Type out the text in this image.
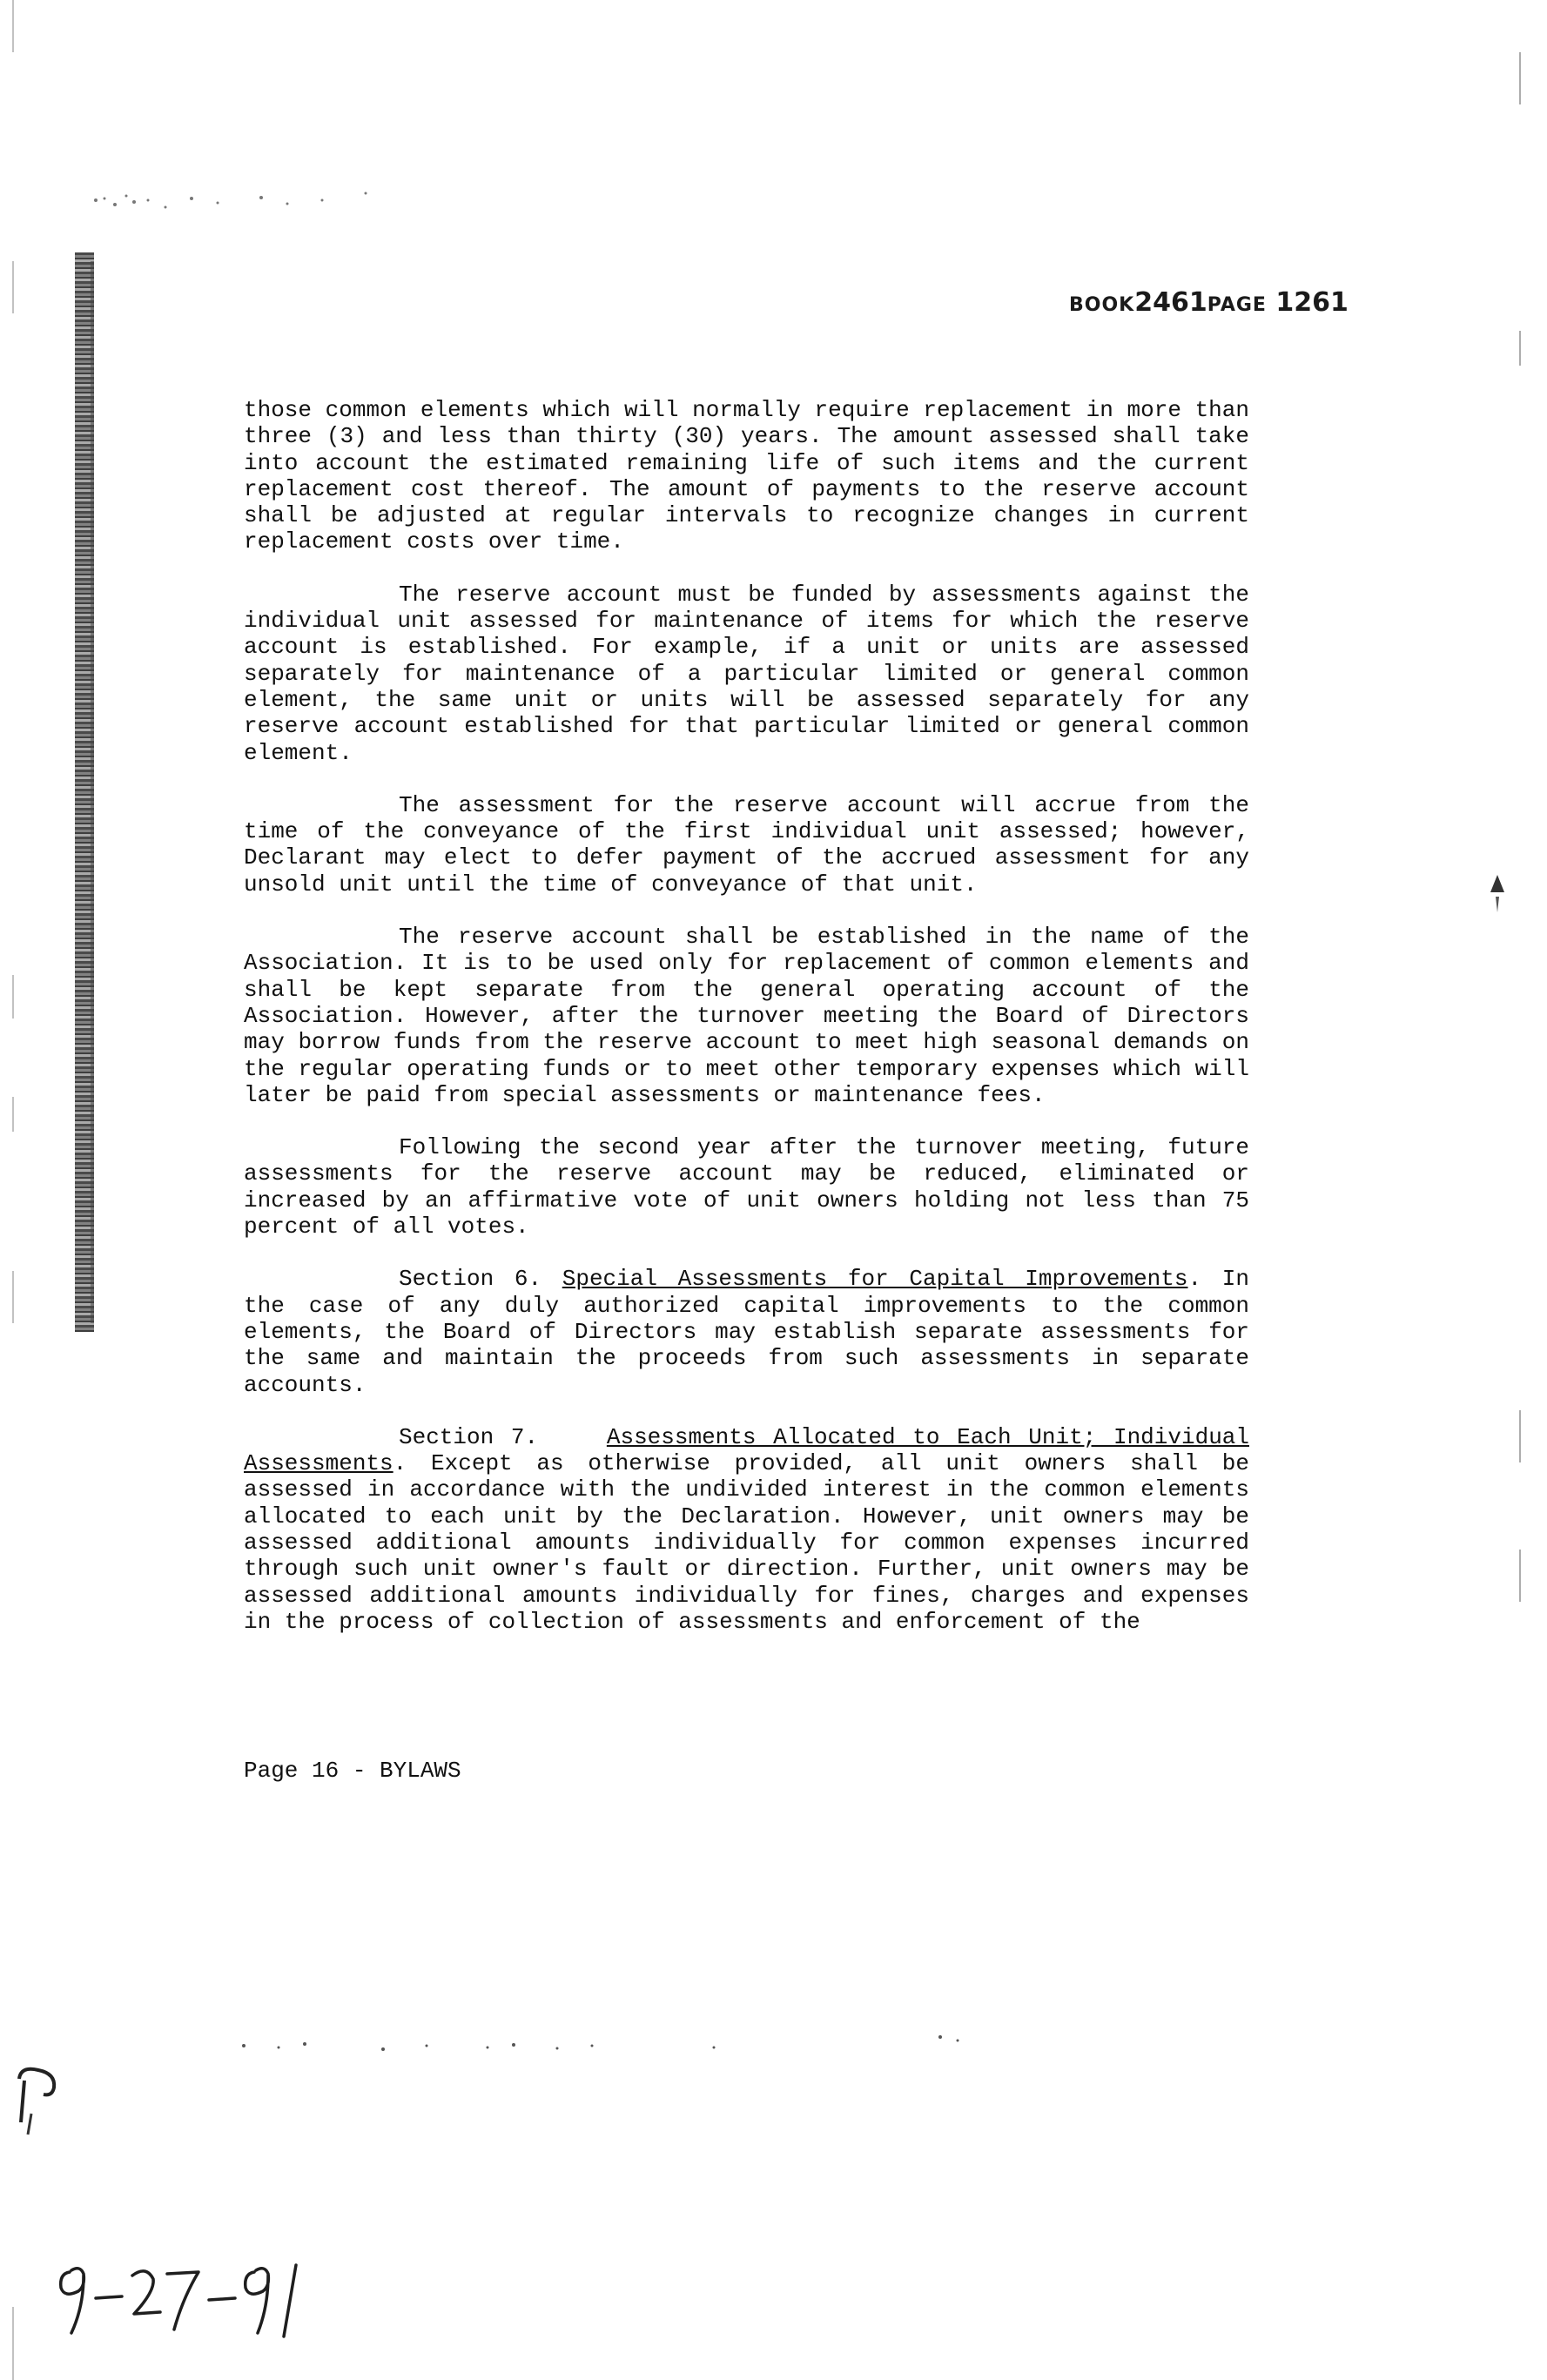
BOOK2461PAGE 1261

those common elements which will normally require replacement in more than three (3) and less than thirty (30) years. The amount assessed shall take into account the estimated remaining life of such items and the current replacement cost thereof. The amount of payments to the reserve account shall be adjusted at regular intervals to recognize changes in current replacement costs over time.

The reserve account must be funded by assessments against the individual unit assessed for maintenance of items for which the reserve account is established. For example, if a unit or units are assessed separately for maintenance of a particular limited or general common element, the same unit or units will be assessed separately for any reserve account established for that particular limited or general common element.

The assessment for the reserve account will accrue from the time of the conveyance of the first individual unit assessed; however, Declarant may elect to defer payment of the accrued assessment for any unsold unit until the time of conveyance of that unit.

The reserve account shall be established in the name of the Association. It is to be used only for replacement of common elements and shall be kept separate from the general operating account of the Association. However, after the turnover meeting the Board of Directors may borrow funds from the reserve account to meet high seasonal demands on the regular operating funds or to meet other temporary expenses which will later be paid from special assessments or maintenance fees.

Following the second year after the turnover meeting, future assessments for the reserve account may be reduced, eliminated or increased by an affirmative vote of unit owners holding not less than 75 percent of all votes.

Section 6. Special Assessments for Capital Improvements. In the case of any duly authorized capital improvements to the common elements, the Board of Directors may establish separate assessments for the same and maintain the proceeds from such assessments in separate accounts.

Section 7.    Assessments Allocated to Each Unit; Individual Assessments. Except as otherwise provided, all unit owners shall be assessed in accordance with the undivided interest in the common elements allocated to each unit by the Declaration. However, unit owners may be assessed additional amounts individually for common expenses incurred through such unit owner's fault or direction. Further, unit owners may be assessed additional amounts individually for fines, charges and expenses in the process of collection of assessments and enforcement of the

Page 16 - BYLAWS
